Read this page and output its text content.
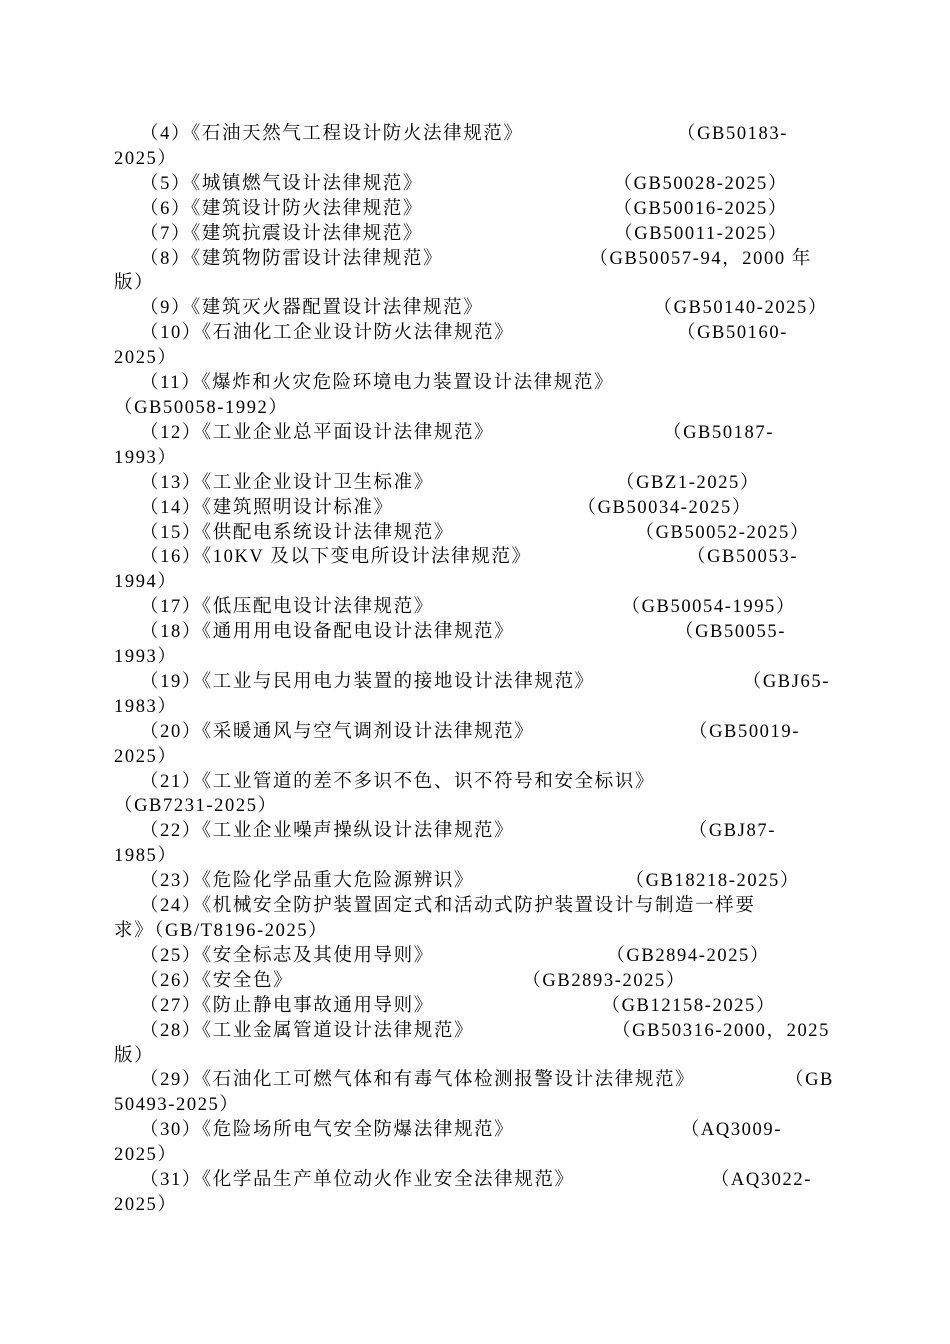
（4）《石油天然气工程设计防火法律规范》	（GB50183-
2025）
（5）《城镇燃气设计法律规范》	（GB50028-2025）
（6）《建筑设计防火法律规范》	（GB50016-2025）
（7）《建筑抗震设计法律规范》	（GB50011-2025）
（8）《建筑物防雷设计法律规范》	（GB50057-94，2000 年
版）
（9）《建筑灭火器配置设计法律规范》	（GB50140-2025）
（10）《石油化工企业设计防火法律规范》	（GB50160-
2025）
（11）《爆炸和火灾危险环境电力装置设计法律规范》
（GB50058-1992）
（12）《工业企业总平面设计法律规范》	（GB50187-
1993）
（13）《工业企业设计卫生标准》	（GBZ1-2025）
（14）《建筑照明设计标准》	（GB50034-2025）
（15）《供配电系统设计法律规范》	（GB50052-2025）
（16）《10KV 及以下变电所设计法律规范》	（GB50053-
1994）
（17）《低压配电设计法律规范》	（GB50054-1995）
（18）《通用用电设备配电设计法律规范》	（GB50055-
1993）
（19）《工业与民用电力装置的接地设计法律规范》	（GBJ65-
1983）
（20）《采暖通风与空气调剂设计法律规范》	（GB50019-
2025）
（21）《工业管道的差不多识不色、识不符号和安全标识》
（GB7231-2025）
（22）《工业企业噪声操纵设计法律规范》	（GBJ87-
1985）
（23）《危险化学品重大危险源辨识》	（GB18218-2025）
（24）《机械安全防护装置固定式和活动式防护装置设计与制造一样要
求》（GB/T8196-2025）
（25）《安全标志及其使用导则》	（GB2894-2025）
（26）《安全色》	（GB2893-2025）
（27）《防止静电事故通用导则》	（GB12158-2025）
（28）《工业金属管道设计法律规范》	（GB50316-2000，2025
版）
（29）《石油化工可燃气体和有毒气体检测报警设计法律规范》	（GB
50493-2025）
（30）《危险场所电气安全防爆法律规范》	（AQ3009-
2025）
（31）《化学品生产单位动火作业安全法律规范》	（AQ3022-
2025）
